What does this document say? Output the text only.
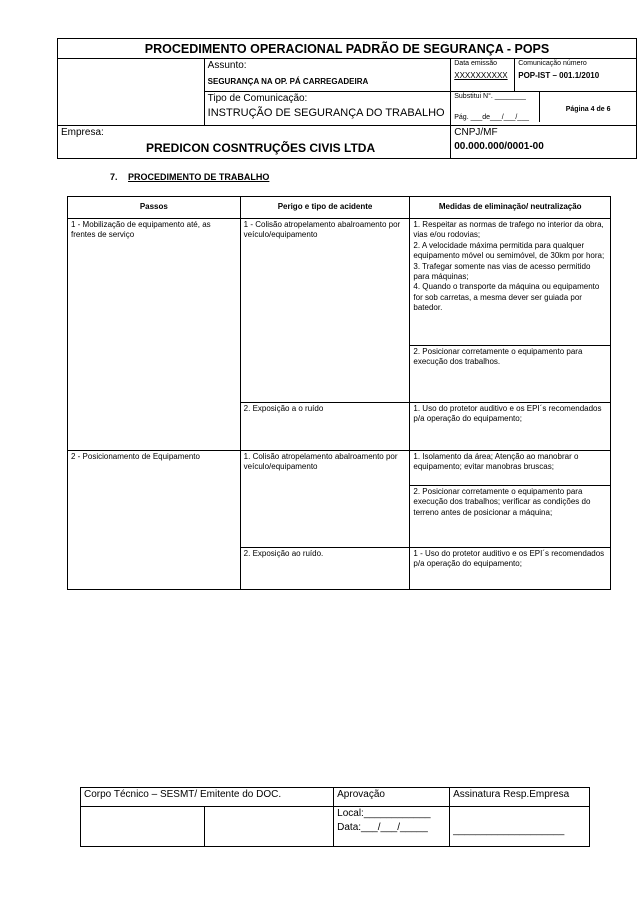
PROCEDIMENTO OPERACIONAL PADRÃO DE SEGURANÇA - POPS

Assunto:
SEGURANÇA NA OP. PÁ CARREGADEIRA

Data emissão
XXXXXXXXXX

Comunicação número
POP-IST – 001.1/2010

Tipo de Comunicação:
INSTRUÇÃO DE SEGURANÇA DO TRABALHO

Substitui N°. ________
Pág. ___de___/___/___
	Página 4 de 6

Empresa:
PREDICON COSNTRUÇÕES CIVIS LTDA

CNPJ/MF
00.000.000/0001-00
7. PROCEDIMENTO DE TRABALHO
Passos	Perigo e tipo de acidente	Medidas de eliminação/ neutralização
1 - Mobilização de equipamento até, as frentes de serviço	1 - Colisão atropelamento abalroamento por veículo/equipamento	1. Respeitar as normas de trafego no interior da obra, vias e/ou rodovias;
2. A velocidade máxima permitida para qualquer equipamento móvel ou semimóvel, de 30km por hora;
3. Trafegar somente nas vias de acesso permitido para máquinas;
4. Quando o transporte da máquina ou equipamento for sob carretas, a mesma dever ser guiada por batedor.

		2. Posicionar corretamente o equipamento para execução dos trabalhos.
	2. Exposição a o ruído	1. Uso do protetor auditivo e os EPI´s recomendados p/a operação do equipamento;
2 - Posicionamento de Equipamento	1. Colisão atropelamento abalroamento por veículo/equipamento	1. Isolamento da área; Atenção ao manobrar o equipamento; evitar manobras bruscas;
		2. Posicionar corretamente o equipamento para execução dos trabalhos; verificar as condições do terreno antes de posicionar a máquina;
	2. Exposição ao ruído.	1 - Uso do protetor auditivo e os EPI´s recomendados p/a operação do equipamento;
Corpo Técnico – SESMT/ Emitente do DOC.		Aprovação	Assinatura Resp.Empresa

		Local:____________
Data:___/___/_____	____________________
